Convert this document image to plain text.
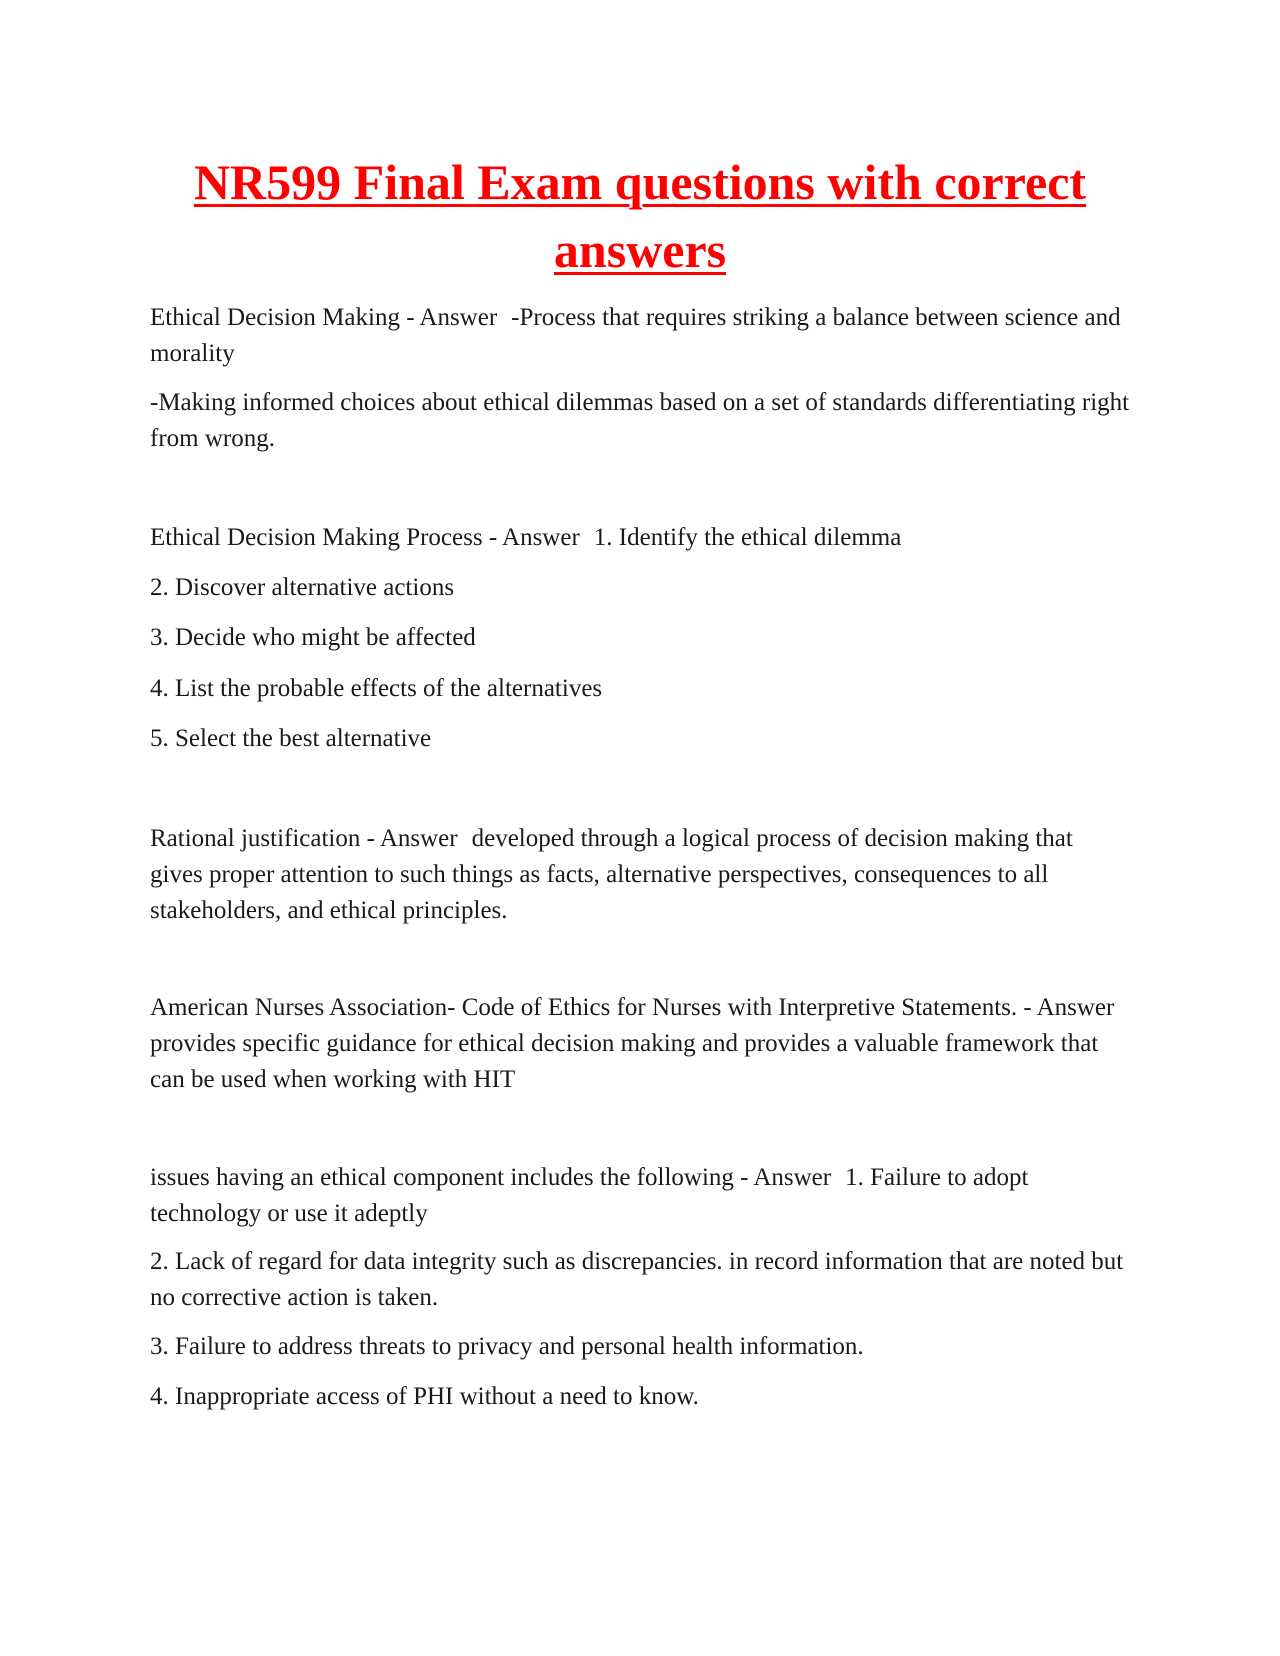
NR599 Final Exam questions with correct answers

Ethical Decision Making - Answer -Process that requires striking a balance between science and morality

-Making informed choices about ethical dilemmas based on a set of standards differentiating right from wrong.

Ethical Decision Making Process - Answer 1. Identify the ethical dilemma

2. Discover alternative actions

3. Decide who might be affected

4. List the probable effects of the alternatives

5. Select the best alternative

Rational justification - Answer developed through a logical process of decision making that gives proper attention to such things as facts, alternative perspectives, consequences to all stakeholders, and ethical principles.

American Nurses Association- Code of Ethics for Nurses with Interpretive Statements. - Answerprovides specific guidance for ethical decision making and provides a valuable framework that can be used when working with HIT

issues having an ethical component includes the following - Answer 1. Failure to adopt technology or use it adeptly

2. Lack of regard for data integrity such as discrepancies. in record information that are noted but no corrective action is taken.

3. Failure to address threats to privacy and personal health information.

4. Inappropriate access of PHI without a need to know.
